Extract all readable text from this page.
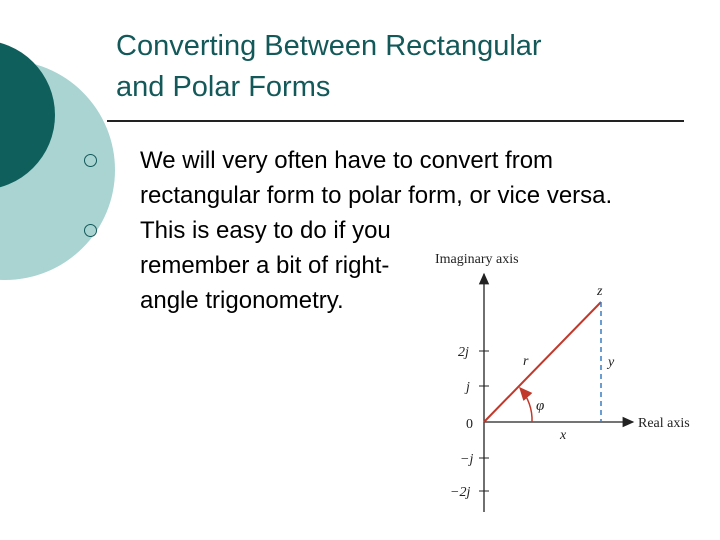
Converting Between Rectangular
and Polar Forms
We will very often have to convert from rectangular form to polar form, or vice versa.
This is easy to do if you remember a bit of right-angle trigonometry.
Imaginary axis
Real axis
2j
j
0
−j
−2j
z
r	y
x
φ
